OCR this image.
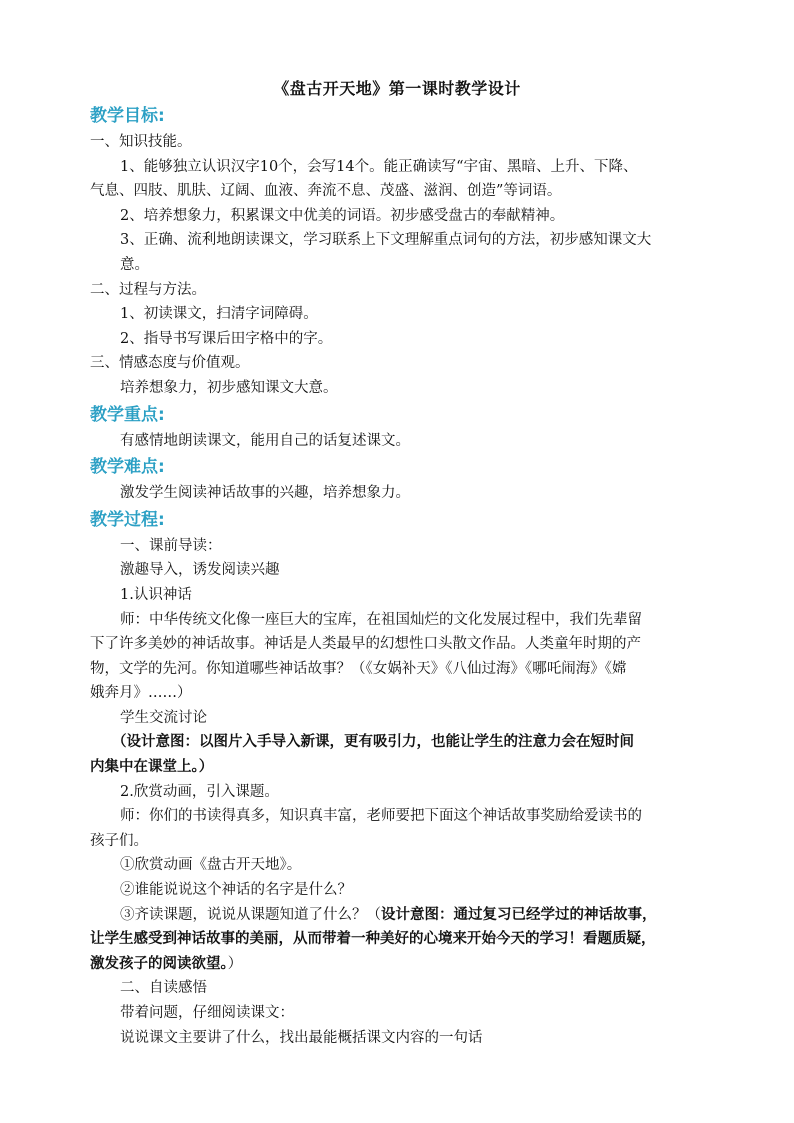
《盘古开天地》第一课时教学设计
教学目标:

一、知识技能。

1、能够独立认识汉字10个，会写14个。能正确读写“宇宙、黑暗、上升、下降、

气息、四肢、肌肤、辽阔、血液、奔流不息、茂盛、滋润、创造”等词语。

2、培养想象力，积累课文中优美的词语。初步感受盘古的奉献精神。

3、正确、流利地朗读课文，学习联系上下文理解重点词句的方法，初步感知课文大

意。

二、过程与方法。

1、初读课文，扫清字词障碍。

2、指导书写课后田字格中的字。

三、情感态度与价值观。

培养想象力，初步感知课文大意。

教学重点:

有感情地朗读课文，能用自己的话复述课文。

教学难点:

激发学生阅读神话故事的兴趣，培养想象力。

教学过程:

一、课前导读：

激趣导入，诱发阅读兴趣

1.认识神话

师：中华传统文化像一座巨大的宝库，在祖国灿烂的文化发展过程中，我们先辈留

下了许多美妙的神话故事。神话是人类最早的幻想性口头散文作品。人类童年时期的产

物，文学的先河。你知道哪些神话故事？（《女娲补天》《八仙过海》《哪吒闹海》《嫦

娥奔月》……）

学生交流讨论

（设计意图：以图片入手导入新课，更有吸引力，也能让学生的注意力会在短时间

内集中在课堂上。）

2.欣赏动画，引入课题。

师：你们的书读得真多，知识真丰富，老师要把下面这个神话故事奖励给爱读书的

孩子们。

①欣赏动画《盘古开天地》。

②谁能说说这个神话的名字是什么？

③齐读课题，说说从课题知道了什么？（设计意图：通过复习已经学过的神话故事，

让学生感受到神话故事的美丽，从而带着一种美好的心境来开始今天的学习！看题质疑，

激发孩子的阅读欲望。）

二、自读感悟

带着问题，仔细阅读课文：

说说课文主要讲了什么，找出最能概括课文内容的一句话
